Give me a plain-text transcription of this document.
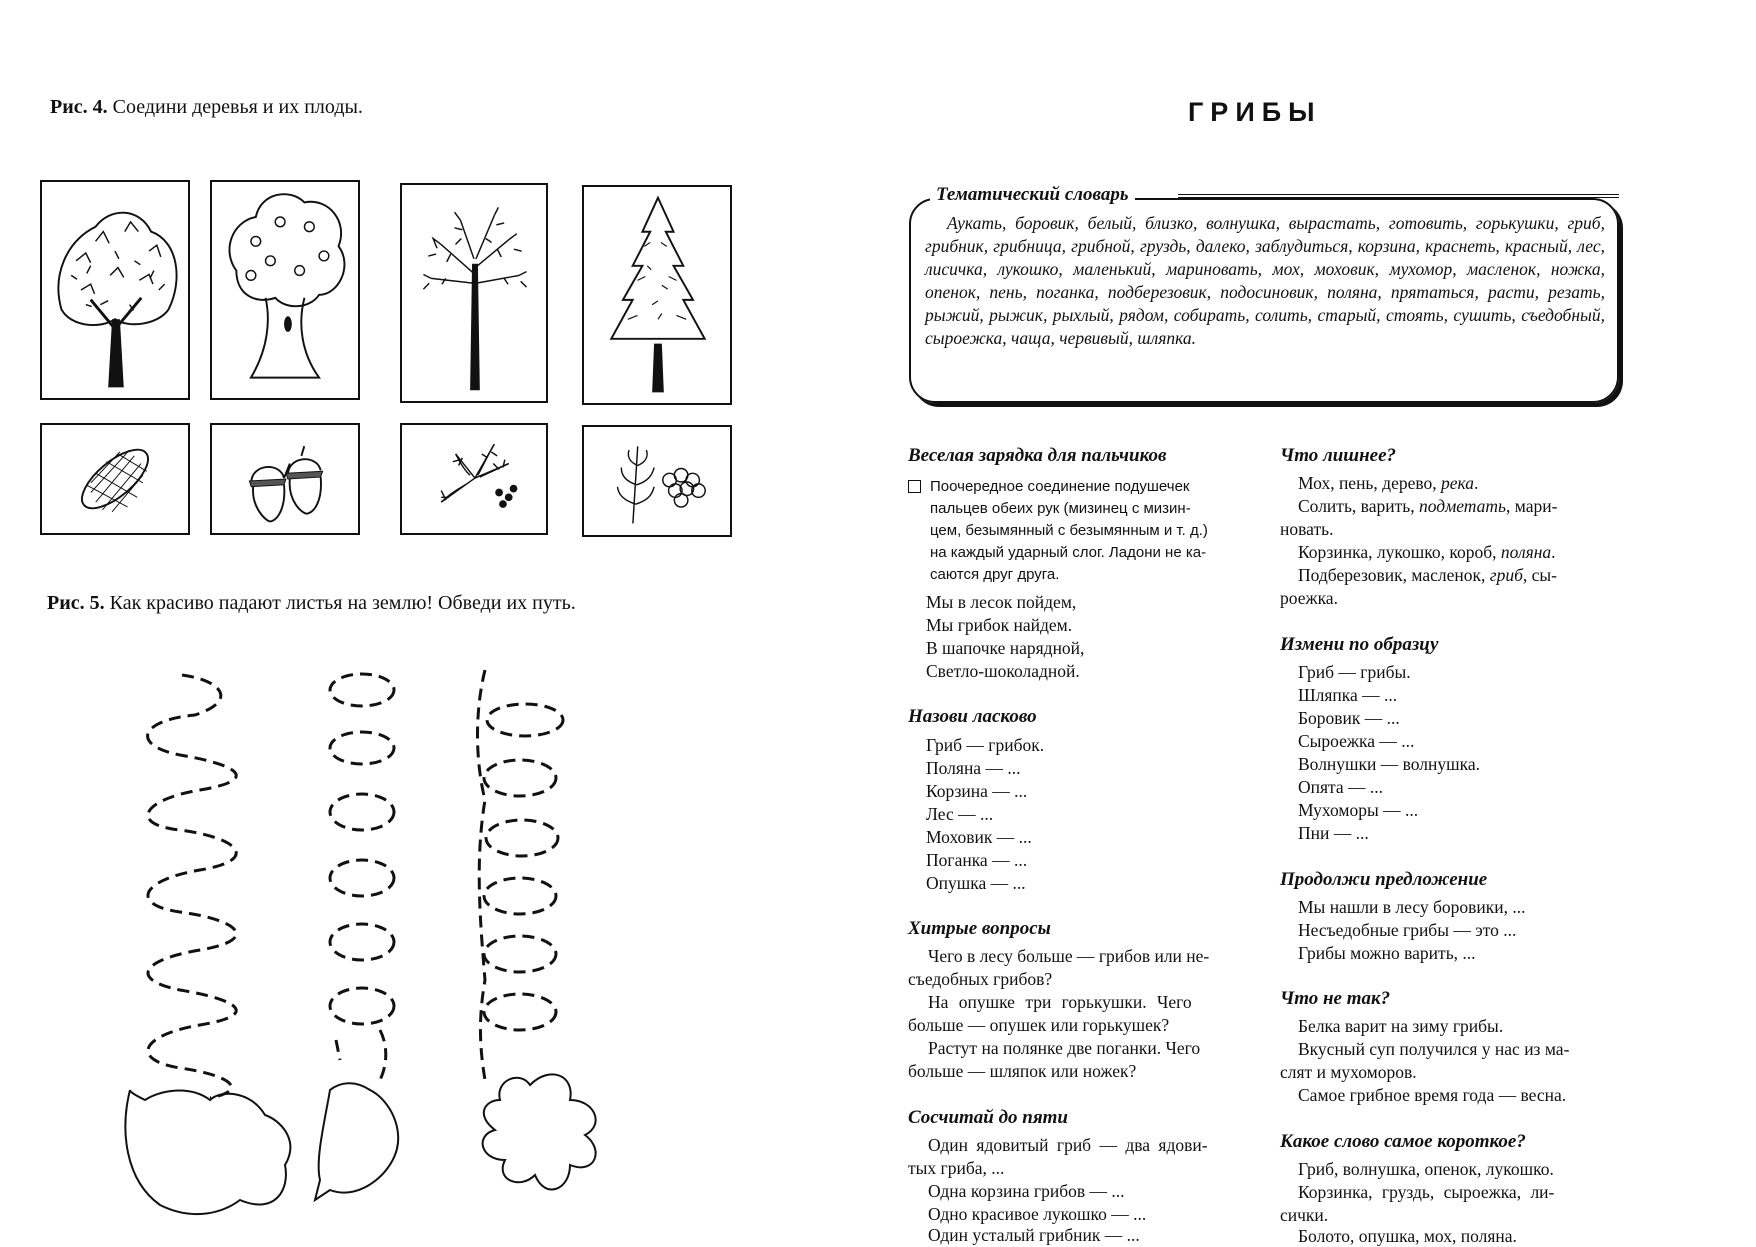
Рис. 4. Соедини деревья и их плоды.
Рис. 5. Как красиво падают листья на землю! Обведи их путь.
ГРИБЫ
Тематический словарь
Аукать, боровик, белый, близко, волнушка, вырастать, готовить, горькушки, гриб, грибник, грибница, грибной, груздь, далеко, заблудиться, корзина, краснеть, красный, лес, лисичка, лукошко, маленький, мариновать, мох, моховик, мухомор, масленок, ножка, опенок, пень, поганка, подберезовик, подосиновик, поляна, прятаться, расти, резать, рыжий, рыжик, рыхлый, рядом, собирать, солить, старый, стоять, сушить, съедобный, сыроежка, чаща, червивый, шляпка.
Веселая зарядка для пальчиков
Поочередное соединение подушечек
пальцев обеих рук (мизинец с мизин-
цем, безымянный с безымянным и т. д.)
на каждый ударный слог. Ладони не ка-
саются друг друга.
Мы в лесок пойдем,
Мы грибок найдем.
В шапочке нарядной,
Светло-шоколадной.
Назови ласково
Гриб — грибок.
Поляна — ...
Корзина — ...
Лес — ...
Моховик — ...
Поганка — ...
Опушка — ...
Хитрые вопросы
Чего в лесу больше — грибов или не-
съедобных грибов?
На опушке три горькушки. Чего
больше — опушек или горькушек?
Растут на полянке две поганки. Чего
больше — шляпок или ножек?
Сосчитай до пяти
Один ядовитый гриб — два ядови-
тых гриба, ...
Одна корзина грибов — ...
Одно красивое лукошко — ...
Один усталый грибник — ...
Что лишнее?
Мох, пень, дерево, река.
Солить, варить, подметать, мари-
новать.
Корзинка, лукошко, короб, поляна.
Подберезовик, масленок, гриб, сы-
роежка.
Измени по образцу
Гриб — грибы.
Шляпка — ...
Боровик — ...
Сыроежка — ...
Волнушки — волнушка.
Опята — ...
Мухоморы — ...
Пни — ...
Продолжи предложение
Мы нашли в лесу боровики, ...
Несъедобные грибы — это ...
Грибы можно варить, ...
Что не так?
Белка варит на зиму грибы.
Вкусный суп получился у нас из ма-
слят и мухоморов.
Самое грибное время года — весна.
Какое слово самое короткое?
Гриб, волнушка, опенок, лукошко.
Корзинка, груздь, сыроежка, ли-
сички.
Болото, опушка, мох, поляна.
